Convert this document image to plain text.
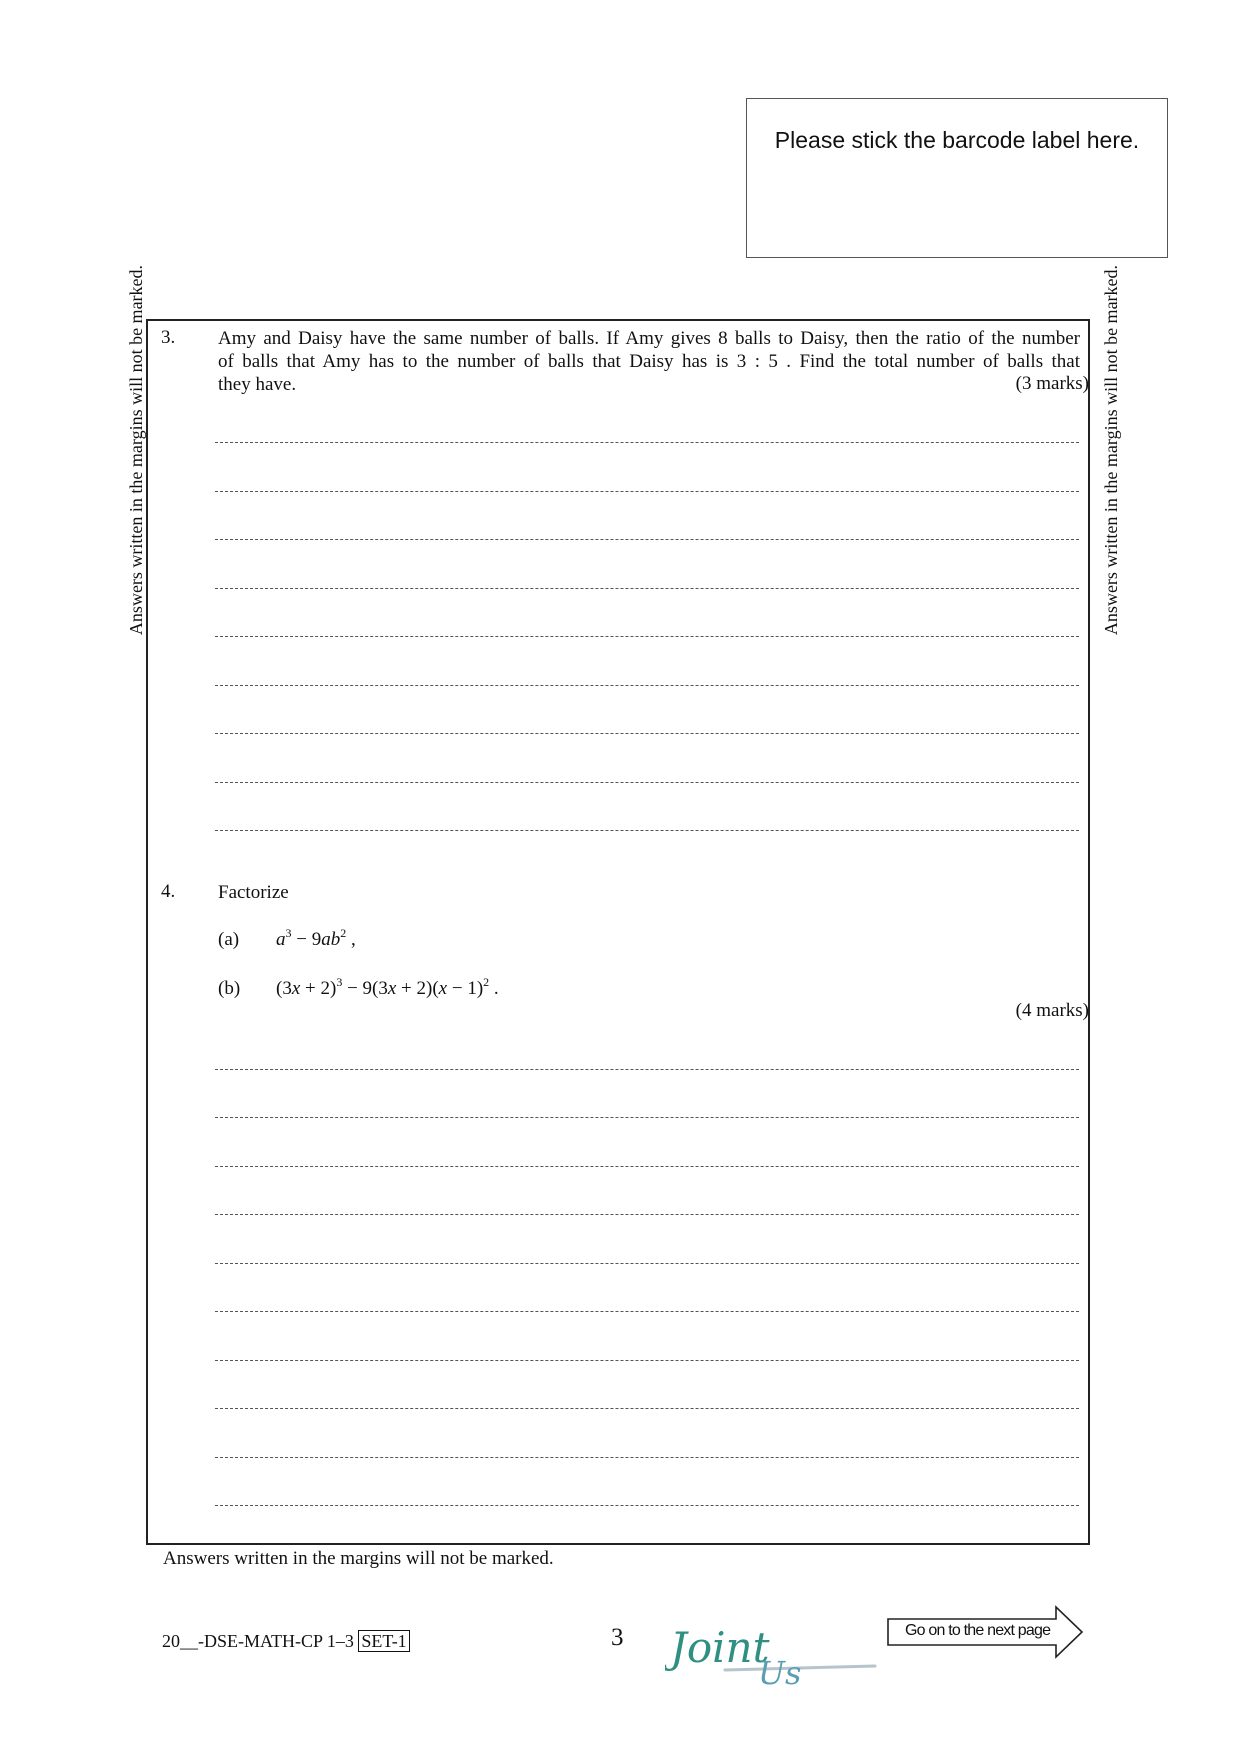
Please stick the barcode label here.
Answers written in the margins will not be marked.	Answers written in the margins will not be marked.
3. Amy and Daisy have the same number of balls. If Amy gives 8 balls to Daisy, then the ratio of the number
of balls that Amy has to the number of balls that Daisy has is 3 : 5 . Find the total number of balls that
they have.	(3 marks)
4. Factorize
(a) $a^3 - 9ab^2$ ,
(b) $(3x + 2)^3 - 9(3x + 2)(x - 1)^2$ .
(4 marks)
Answers written in the margins will not be marked.
20__-DSE-MATH-CP 1–3 SET-1	3 Joint
Us
Go on to the next page
